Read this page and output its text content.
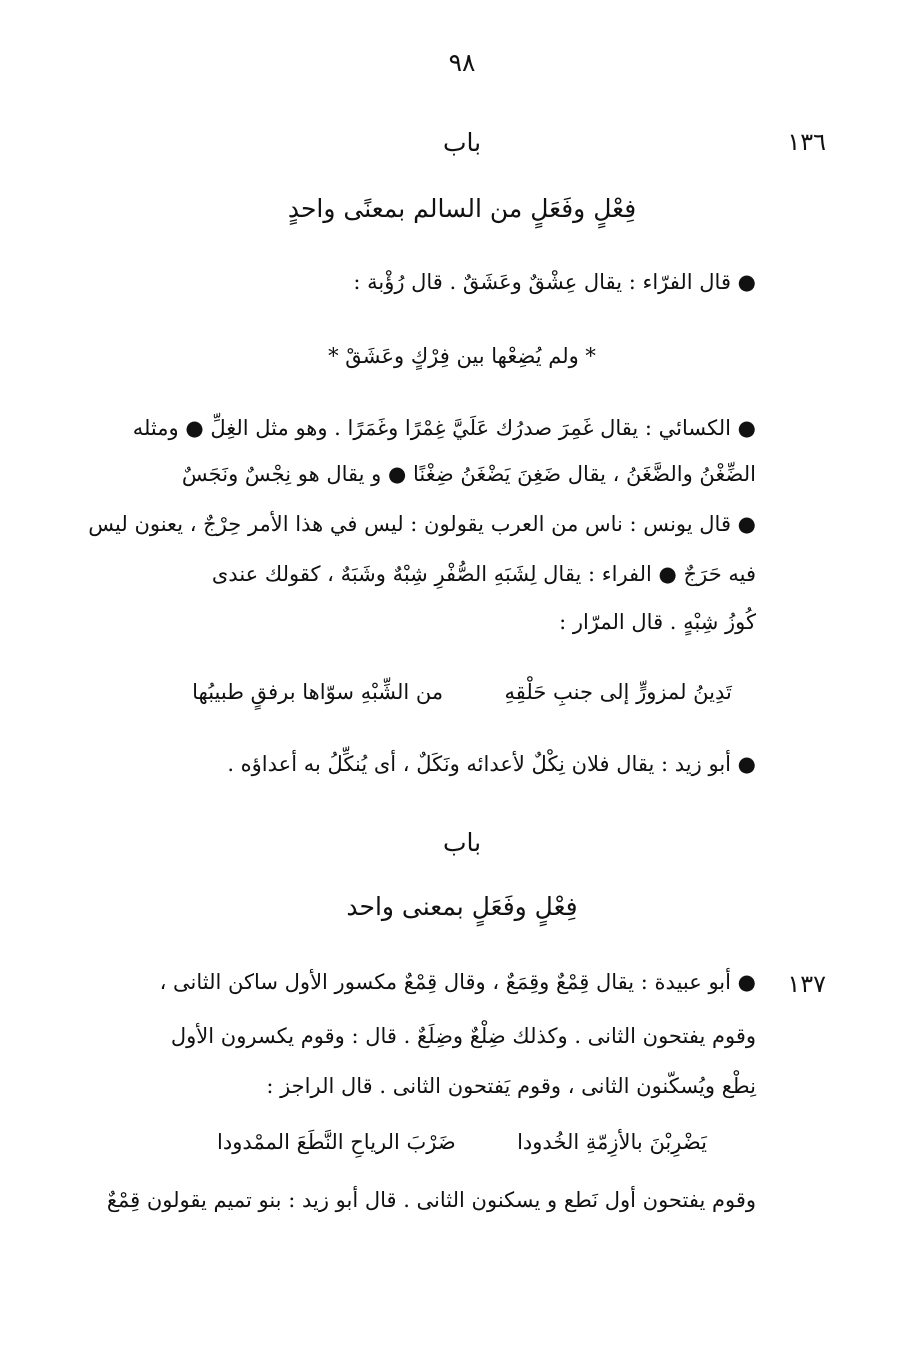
٩٨
١٣٦
باب
فِعْلٍ وفَعَلٍ من السالم بمعنًى واحدٍ
● قال الفرّاء : يقال عِشْقٌ وعَشَقٌ . قال رُؤْبة :
* ولم يُضِعْها بين فِرْكٍ وعَشَقْ *
● الكسائي : يقال غَمِرَ صدرُك عَلَيَّ غِمْرًا وغَمَرًا . وهو مثل الغِلِّ ● ومثله
الضِّغْنُ والضَّغَنُ ، يقال ضَغِنَ يَضْغَنُ ضِغْنًا ● و يقال هو نِجْسٌ ونَجَسٌ
● قال يونس : ناس من العرب يقولون : ليس في هذا الأمر حِرْجٌ ، يعنون ليس
فيه حَرَجٌ ● الفراء : يقال لِشَبَهِ الصُّفْرِ شِبْهٌ وشَبَهٌ ، كقولك عندى
كُوزُ شِبْهٍ . قال المرّار :
تَدِينُ لمزورٍّ إلى جنبِ حَلْقِهِ  من الشِّبْهِ سوّاها برفقٍ طبيبُها
● أبو زيد : يقال فلان نِكْلٌ لأعدائه ونَكَلٌ ، أى يُنكِّلُ به أعداؤه .
باب
فِعْلٍ وفَعَلٍ بمعنى واحد
١٣٧
● أبو عبيدة : يقال قِمْعٌ وقِمَعٌ ، وقال قِمْعٌ مكسور الأول ساكن الثانى ،
وقوم يفتحون الثانى . وكذلك ضِلْعٌ وضِلَعٌ . قال : وقوم يكسرون الأول
نِطْع ويُسكّنون الثانى ، وقوم يَفتحون الثانى . قال الراجز :
يَضْرِبْنَ بالأزِمّةِ الخُدودا  ضَرْبَ الرياحِ النَّطَعَ الممْدودا
وقوم يفتحون أول نَطع و يسكنون الثانى . قال أبو زيد : بنو تميم يقولون قِمْعٌ
